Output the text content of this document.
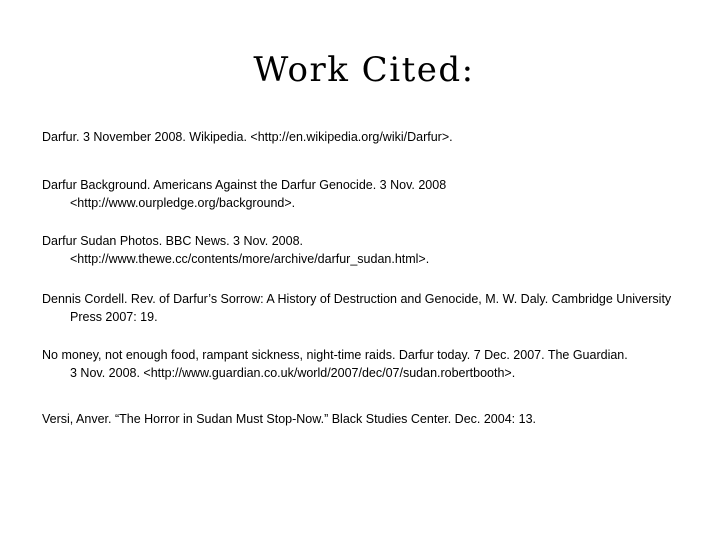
Work Cited:
Darfur. 3 November 2008. Wikipedia. <http://en.wikipedia.org/wiki/Darfur>.
Darfur Background. Americans Against the Darfur Genocide. 3 Nov. 2008
<http://www.ourpledge.org/background>.
Darfur Sudan Photos. BBC News. 3 Nov. 2008.
<http://www.thewe.cc/contents/more/archive/darfur_sudan.html>.
Dennis Cordell. Rev. of Darfur’s Sorrow: A History of Destruction and Genocide, M. W. Daly. Cambridge University
Press 2007: 19.
No money, not enough food, rampant sickness, night-time raids. Darfur today. 7 Dec. 2007. The Guardian.
3 Nov. 2008. <http://www.guardian.co.uk/world/2007/dec/07/sudan.robertbooth>.
Versi, Anver. “The Horror in Sudan Must Stop-Now.” Black Studies Center. Dec. 2004: 13.
